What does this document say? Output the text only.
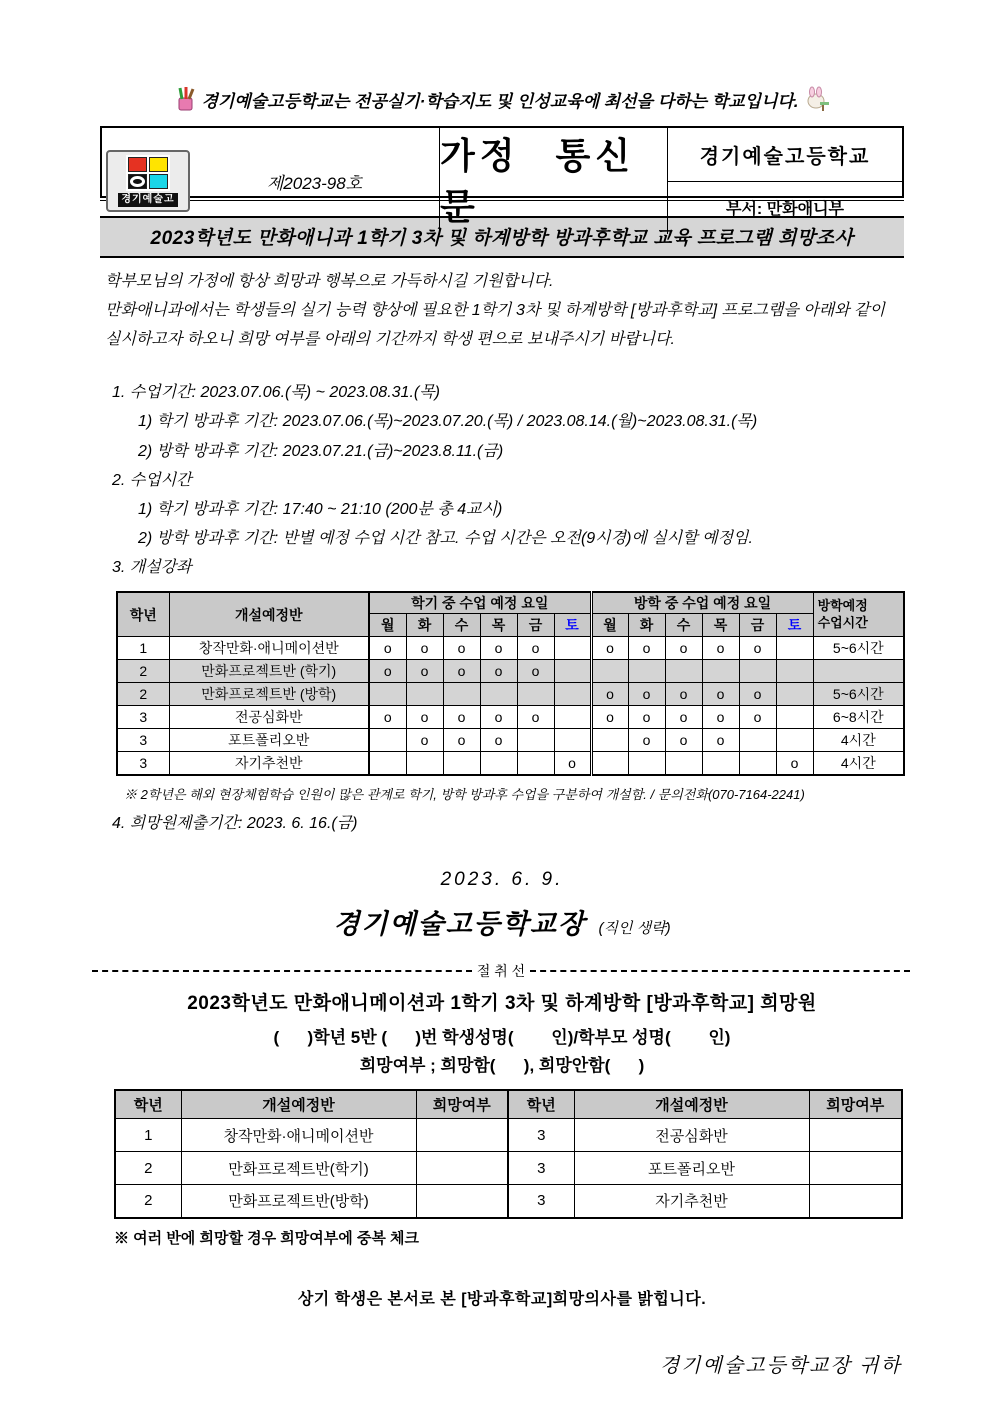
경기예술고등학교는 전공실기·학습지도 및 인성교육에 최선을 다하는 학교입니다.
경기예술고
제2023-98호
가정 통신문
경기예술고등학교
부서: 만화애니부
2023학년도 만화애니과 1학기 3차 및 하계방학 방과후학교 교육 프로그램 희망조사

학부모님의 가정에 항상 희망과 행복으로 가득하시길 기원합니다.

만화애니과에서는 학생들의 실기 능력 향상에 필요한 1학기 3차 및 하계방학 [방과후학교] 프로그램을 아래와 같이 실시하고자 하오니 희망 여부를 아래의 기간까지 학생 편으로 보내주시기 바랍니다.

1. 수업기간: 2023.07.06.(목) ~ 2023.08.31.(목)
1) 학기 방과후 기간: 2023.07.06.(목)~2023.07.20.(목) / 2023.08.14.(월)~2023.08.31.(목)
2) 방학 방과후 기간: 2023.07.21.(금)~2023.8.11.(금)
2. 수업시간
1) 학기 방과후 기간: 17:40 ~ 21:10 (200분 총 4교시)
2) 방학 방과후 기간: 반별 예정 수업 시간 참고. 수업 시간은 오전(9시경)에 실시할 예정임.
3. 개설강좌
학년	개설예정반	학기 중 수업 예정 요일						방학 중 수업 예정 요일						방학예정
수업시간

		월	화	수	목	금	토	월	화	수	목	금	토	
1	창작만화·애니메이션반	o	o	o	o	o		o	o	o	o	o		5~6시간
2	만화프로젝트반 (학기)	o	o	o	o	o								
2	만화프로젝트반 (방학)							o	o	o	o	o		5~6시간
3	전공심화반	o	o	o	o	o		o	o	o	o	o		6~8시간
3	포트폴리오반		o	o	o				o	o	o			4시간
3	자기추천반						o						o	4시간
※ 2학년은 해외 현장체험학습 인원이 많은 관계로 학기, 방학 방과후 수업을 구분하여 개설함. / 문의전화(070-7164-2241)
4. 희망원제출기간: 2023. 6. 16.(금)
2023. 6. 9.
경기예술고등학교장 (직인 생략)
절 취 선
2023학년도 만화애니메이션과 1학기 3차 및 하계방학 [방과후학교] 희망원
(      )학년 5반 (      )번 학생성명(        인)/학부모 성명(        인)
희망여부 ; 희망함(      ), 희망안함(      )
학년	개설예정반	희망여부	학년	개설예정반	희망여부
1	창작만화·애니메이션반		3	전공심화반	
2	만화프로젝트반(학기)		3	포트폴리오반	
2	만화프로젝트반(방학)		3	자기추천반	
※ 여러 반에 희망할 경우 희망여부에 중복 체크
상기 학생은 본서로 본 [방과후학교]희망의사를 밝힙니다.
경기예술고등학교장 귀하
